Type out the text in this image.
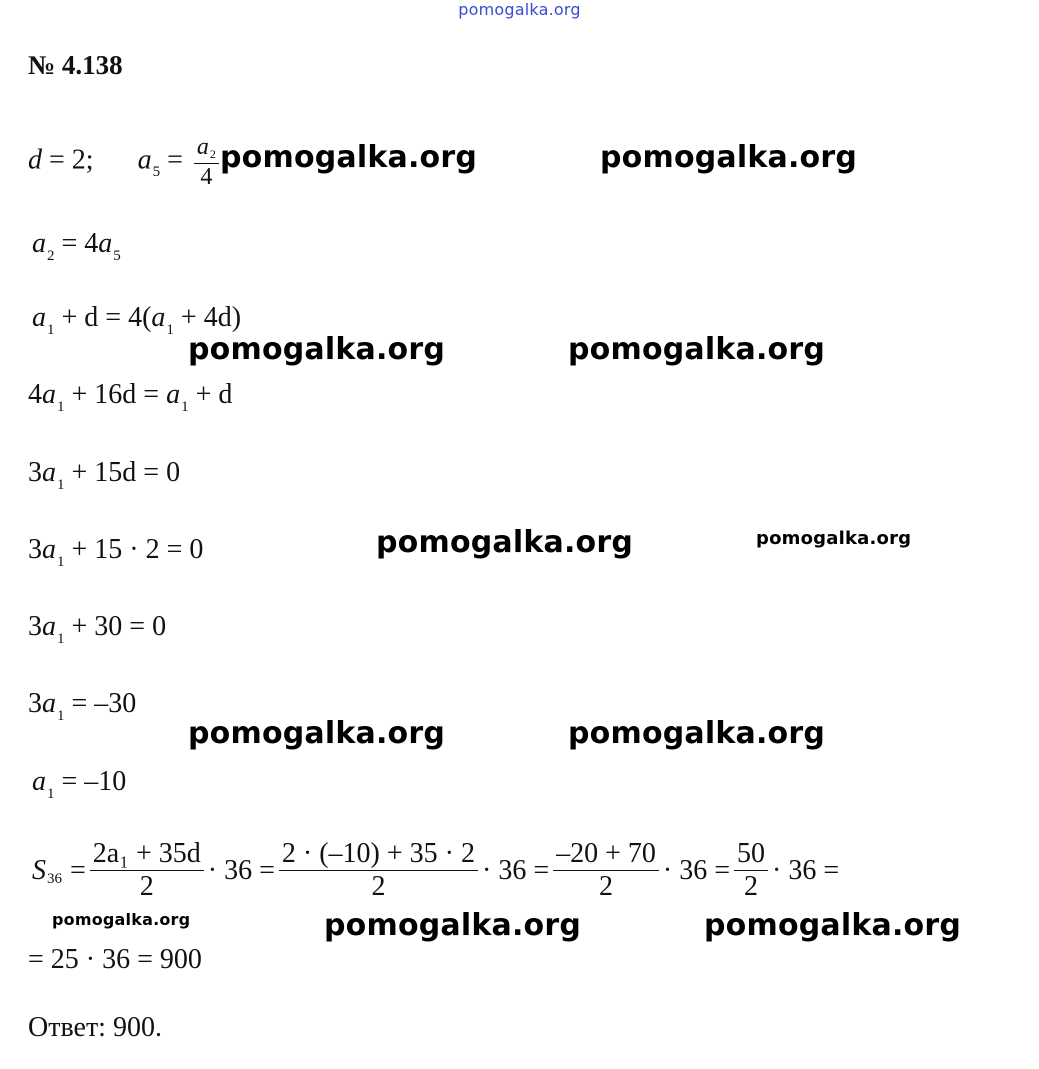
pomogalka.org
№ 4.138
d = 2; $a_5 = \frac{a2}{4}$
$a_2 = 4a_5$
$a_1 + d = 4(a_1 + 4d)$
$4a_1 + 16d = a_1 + d$
$3a_1 + 15d = 0$
$3a_1 + 15 \cdot 2 = 0$
$3a_1 + 30 = 0$
$3a_1 = -30$
$a_1 = -10$
S $36 = \frac{\text{2a₁ + 35d}}{2} \cdot 36 = \frac{2 \cdot (-10) + 35 \cdot 2}{2} \cdot 36 = \frac{-20 + 70}{2} \cdot 36 = \frac{50}{2} \cdot 36$ =
= 25 · 36 = 900
Ответ: 900.
pomogalka.org	pomogalka.org
pomogalka.org	pomogalka.org
pomogalka.org	pomogalka.org
pomogalka.org	pomogalka.org
pomogalka.org	pomogalka.org	pomogalka.org
